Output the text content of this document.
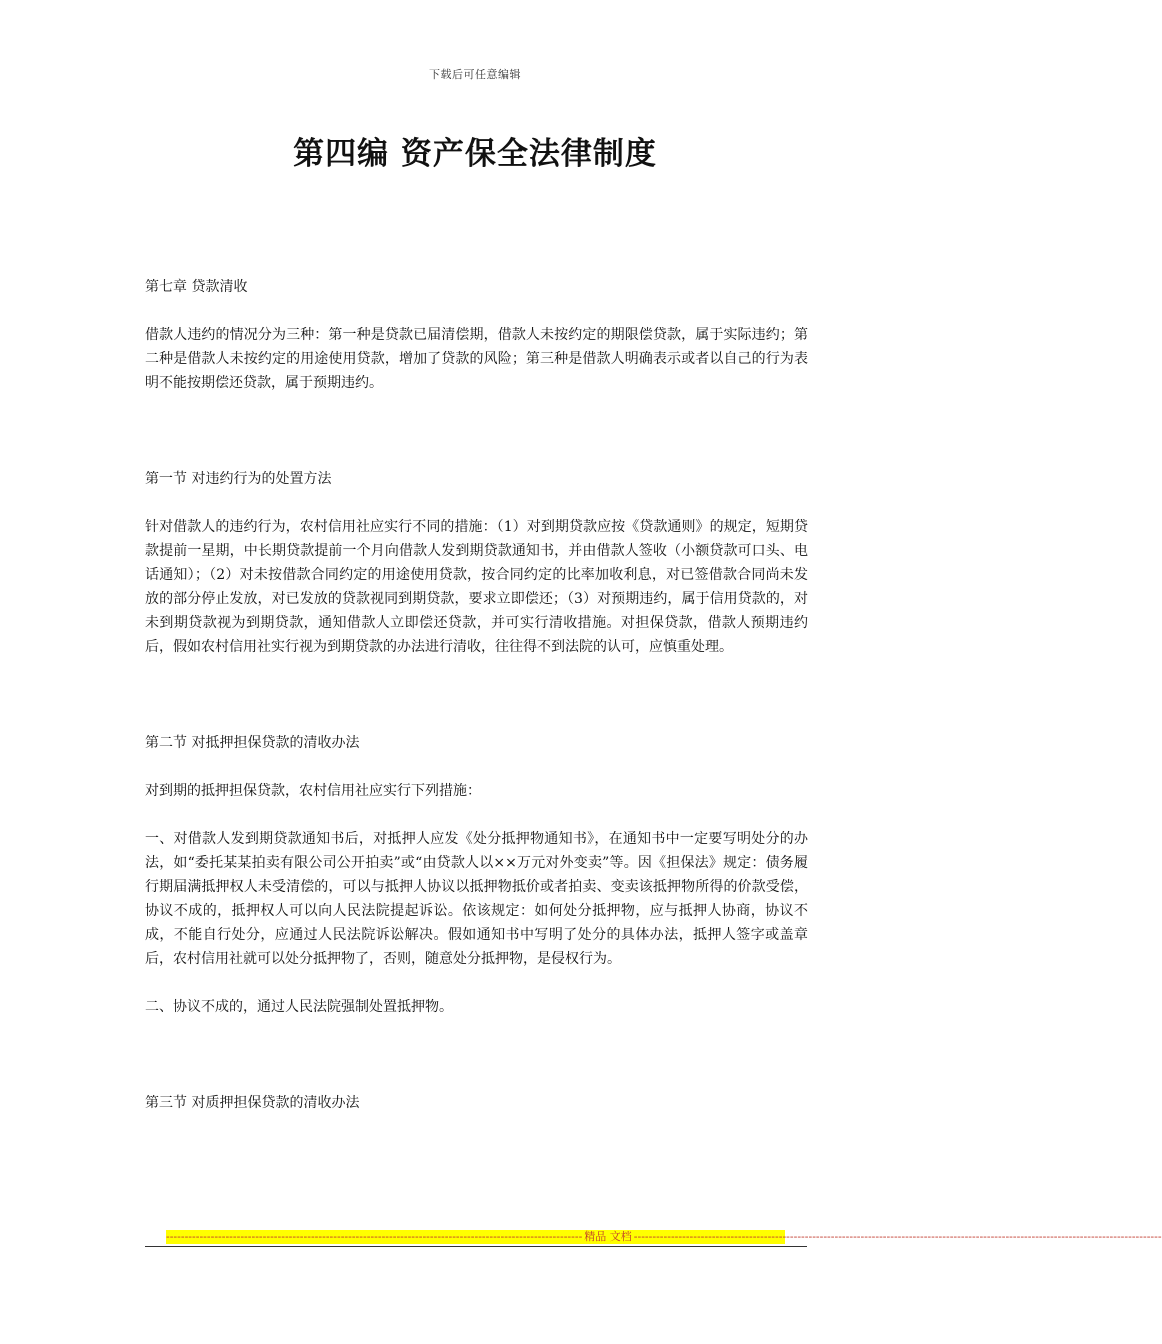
下载后可任意编辑
第四编 资产保全法律制度

第七章 贷款清收

借款人违约的情况分为三种：第一种是贷款已届清偿期，借款人未按约定的期限偿贷款，属于实际违约；第二种是借款人未按约定的用途使用贷款，增加了贷款的风险；第三种是借款人明确表示或者以自己的行为表明不能按期偿还贷款，属于预期违约。

第一节 对违约行为的处置方法

针对借款人的违约行为，农村信用社应实行不同的措施：（1）对到期贷款应按《贷款通则》的规定，短期贷款提前一星期，中长期贷款提前一个月向借款人发到期贷款通知书，并由借款人签收（小额贷款可口头、电话通知）；（2）对未按借款合同约定的用途使用贷款，按合同约定的比率加收利息，对已签借款合同尚未发放的部分停止发放，对已发放的贷款视同到期贷款，要求立即偿还；（3）对预期违约，属于信用贷款的，对未到期贷款视为到期贷款，通知借款人立即偿还贷款，并可实行清收措施。对担保贷款，借款人预期违约后，假如农村信用社实行视为到期贷款的办法进行清收，往往得不到法院的认可，应慎重处理。

第二节 对抵押担保贷款的清收办法

对到期的抵押担保贷款，农村信用社应实行下列措施：

一、对借款人发到期贷款通知书后，对抵押人应发《处分抵押物通知书》，在通知书中一定要写明处分的办法，如“委托某某拍卖有限公司公开拍卖”或“由贷款人以××万元对外变卖”等。因《担保法》规定：债务履行期届满抵押权人未受清偿的，可以与抵押人协议以抵押物抵价或者拍卖、变卖该抵押物所得的价款受偿，协议不成的，抵押权人可以向人民法院提起诉讼。依该规定：如何处分抵押物，应与抵押人协商，协议不成，不能自行处分，应通过人民法院诉讼解决。假如通知书中写明了处分的具体办法，抵押人签字或盖章后，农村信用社就可以处分抵押物了，否则，随意处分抵押物，是侵权行为。

二、协议不成的，通过人民法院强制处置抵押物。

第三节 对质押担保贷款的清收办法

---------------------------------------------------------------------------------------------------------------- 精品 文档 ----------------------------------------------------------------------------------------------------------------------------------------------
